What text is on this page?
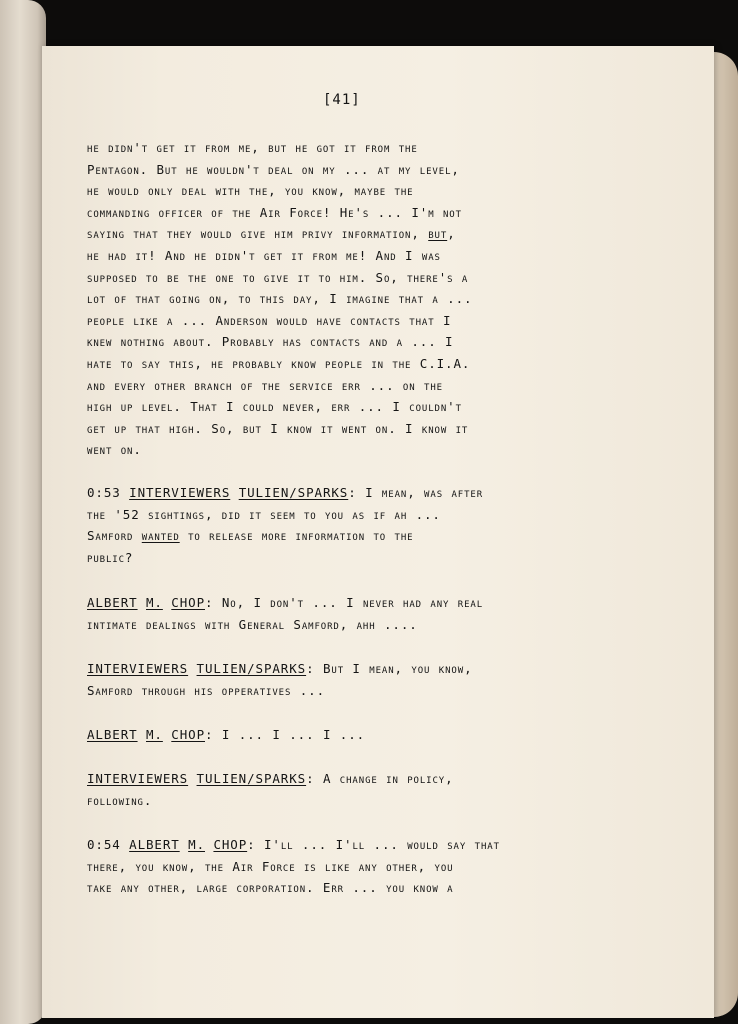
[41]
he didn't get it from me, but he got it from the
Pentagon. But he wouldn't deal on my ... at my level,
he would only deal with the, you know, maybe the
commanding officer of the Air Force! He's ... I'm not
saying that they would give him privy information, but,
he had it! And he didn't get it from me! And I was
supposed to be the one to give it to him. So, there's a
lot of that going on, to this day, I imagine that a ...
people like a ... Anderson would have contacts that I
knew nothing about. Probably has contacts and a ... I
hate to say this, he probably know people in the C.I.A.
and every other branch of the service err ... on the
high up level. That I could never, err ... I couldn't
get up that high. So, but I know it went on. I know it
went on.
0:53 INTERVIEWERS TULIEN/SPARKS: I mean, was after
the '52 sightings, did it seem to you as if ah ...
Samford wanted to release more information to the
public?
ALBERT M. CHOP: No, I don't ... I never had any real
intimate dealings with General Samford, ahh ....
INTERVIEWERS TULIEN/SPARKS: But I mean, you know,
Samford through his opperatives ...
ALBERT M. CHOP: I ... I ... I ...
INTERVIEWERS TULIEN/SPARKS: A change in policy,
following.
0:54 ALBERT M. CHOP: I'll ... I'll ... would say that
there, you know, the Air Force is like any other, you
take any other, large corporation. Err ... you know a
